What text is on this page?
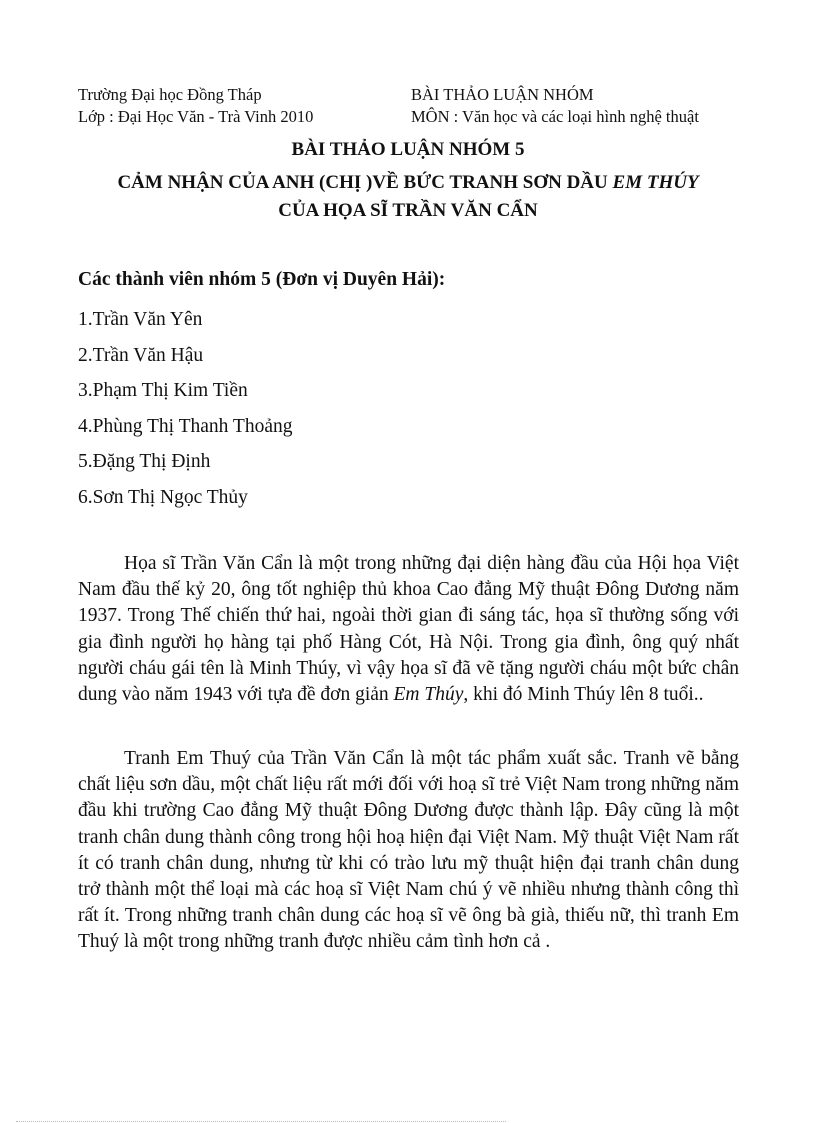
Trường Đại học Đồng Tháp
Lớp : Đại Học Văn - Trà Vinh 2010
BÀI THẢO LUẬN NHÓM
MÔN : Văn học và các loại hình nghệ thuật
BÀI THẢO LUẬN NHÓM 5
CẢM NHẬN CỦA ANH (CHỊ )VỀ BỨC TRANH SƠN DẦU EM THÚY
CỦA HỌA SĨ TRẦN VĂN CẨN
Các thành viên nhóm 5 (Đơn vị Duyên Hải):
1.Trần Văn Yên
2.Trần Văn Hậu
3.Phạm Thị Kim Tiền
4.Phùng Thị Thanh Thoảng
5.Đặng Thị Định
6.Sơn Thị Ngọc Thủy

Họa sĩ Trần Văn Cẩn là một trong những đại diện hàng đầu của Hội họa Việt Nam đầu thế kỷ 20, ông tốt nghiệp thủ khoa Cao đẳng Mỹ thuật Đông Dương năm 1937. Trong Thế chiến thứ hai, ngoài thời gian đi sáng tác, họa sĩ thường sống với gia đình người họ hàng tại phố Hàng Cót, Hà Nội. Trong gia đình, ông quý nhất người cháu gái tên là Minh Thúy, vì vậy họa sĩ đã vẽ tặng người cháu một bức chân dung vào năm 1943 với tựa đề đơn giản Em Thúy, khi đó Minh Thúy lên 8 tuổi..

Tranh Em Thuý của Trần Văn Cẩn là một tác phẩm xuất sắc. Tranh vẽ bằng chất liệu sơn dầu, một chất liệu rất mới đối với hoạ sĩ trẻ Việt Nam trong những năm đầu khi trường Cao đẳng Mỹ thuật Đông Dương được thành lập. Đây cũng là một tranh chân dung thành công trong hội hoạ hiện đại Việt Nam. Mỹ thuật Việt Nam rất ít có tranh chân dung, nhưng từ khi có trào lưu mỹ thuật hiện đại tranh chân dung trở thành một thể loại mà các hoạ sĩ Việt Nam chú ý vẽ nhiều nhưng thành công thì rất ít. Trong những tranh chân dung các hoạ sĩ vẽ ông bà già, thiếu nữ, thì tranh Em Thuý là một trong những tranh được nhiều cảm tình hơn cả .
